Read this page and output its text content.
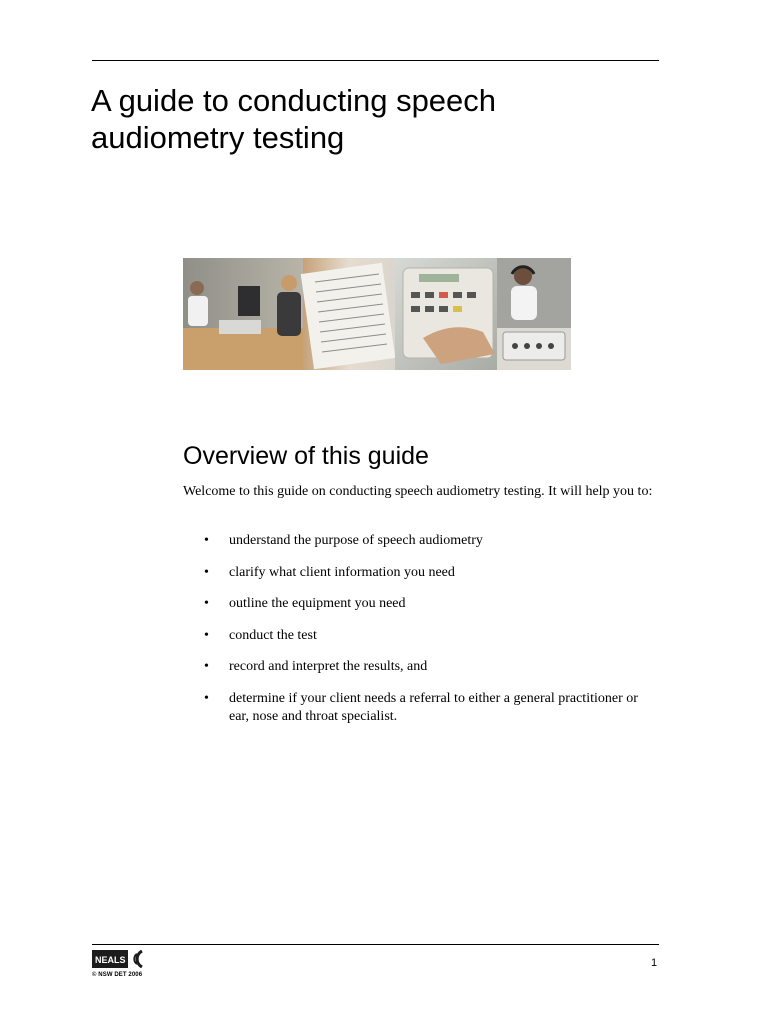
A guide to conducting speech audiometry testing
Overview of this guide

Welcome to this guide on conducting speech audiometry testing. It will help you to:

• understand the purpose of speech audiometry
• clarify what client information you need
• outline the equipment you need
• conduct the test
• record and interpret the results, and
• determine if your client needs a referral to either a general practitioner or ear, nose and throat specialist.
NEALS
© NSW DET 2006
1
